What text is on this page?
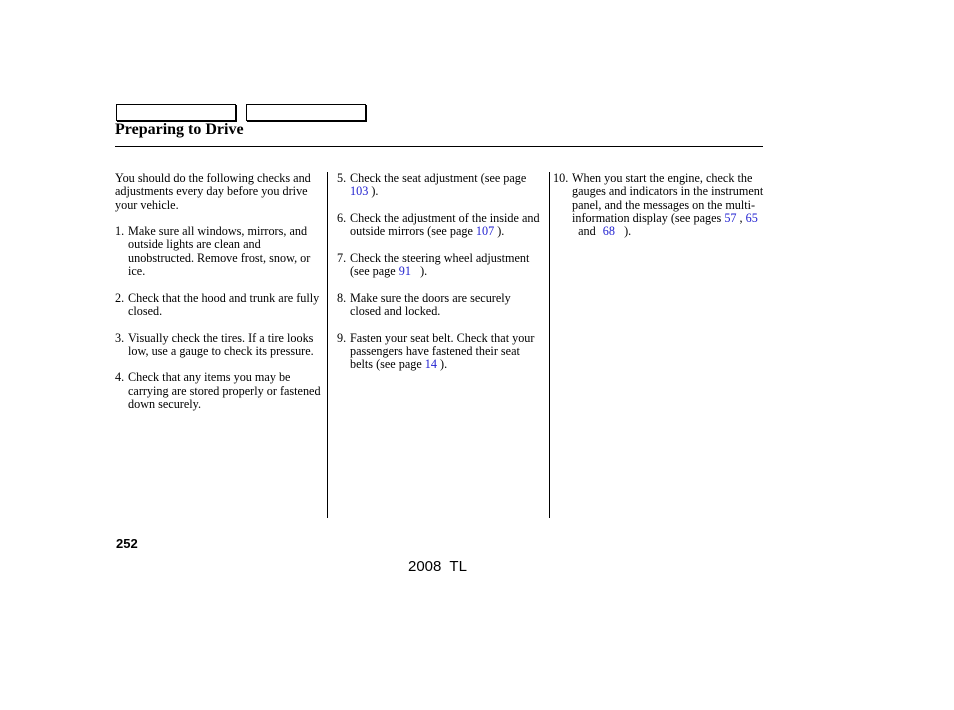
Preparing to Drive

You should do the following checks and adjustments every day before you drive your vehicle.

1. Make sure all windows, mirrors, and outside lights are clean and unobstructed. Remove frost, snow, or ice.
2. Check that the hood and trunk are fully closed.
3. Visually check the tires. If a tire looks low, use a gauge to check its pressure.
4. Check that any items you may be carrying are stored properly or fastened down securely.
5. Check the seat adjustment (see page 103 ).
6. Check the adjustment of the inside and outside mirrors (see page 107 ).
7. Check the steering wheel adjustment (see page 91   ).
8. Make sure the doors are securely closed and locked.
9. Fasten your seat belt. Check that your passengers have fastened their seat belts (see page 14 ).
10. When you start the engine, check the gauges and indicators in the instrument panel, and the messages on the multi-information display (see pages 57 , 65  and 68   ).
252
2008  TL
